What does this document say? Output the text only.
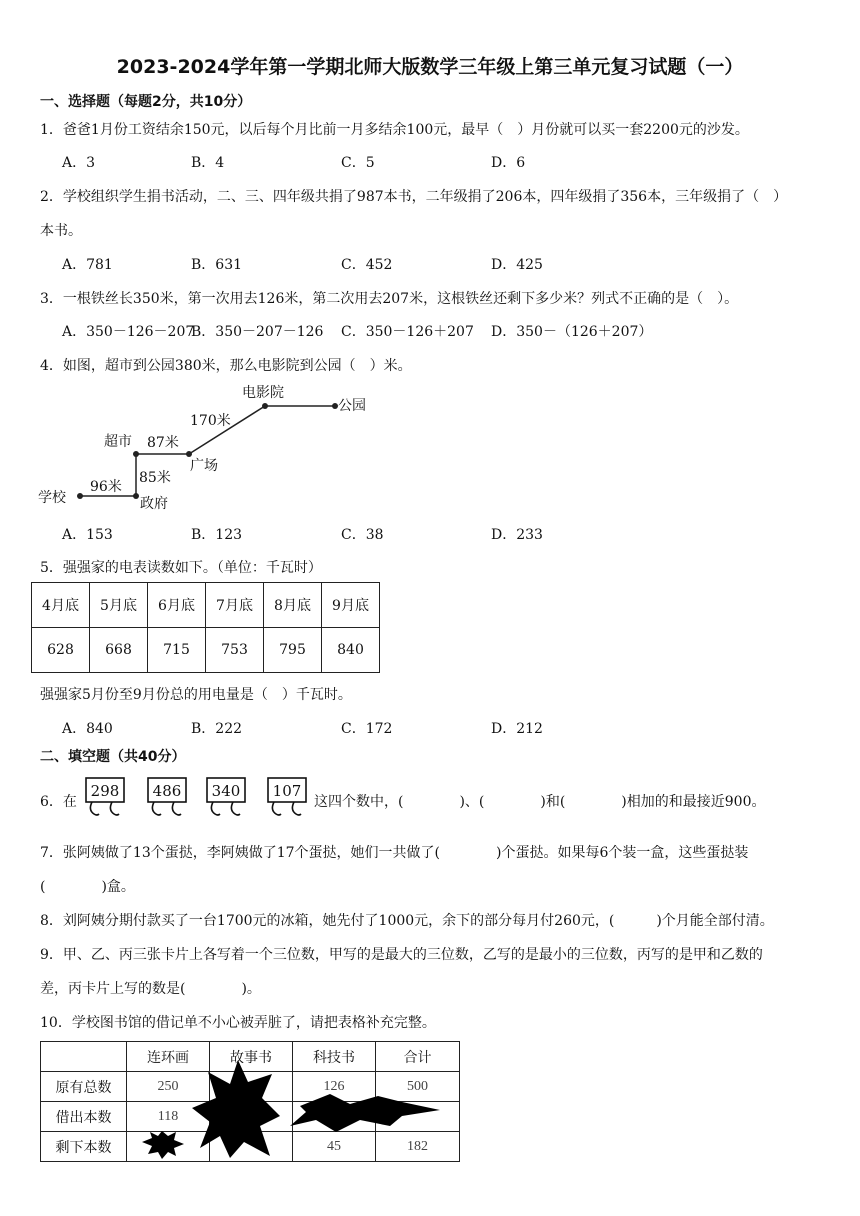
2023-2024学年第一学期北师大版数学三年级上第三单元复习试题（一）
一、选择题（每题2分，共10分）
1．爸爸1月份工资结余150元，以后每个月比前一月多结余100元，最早（　）月份就可以买一套2200元的沙发。
A．3	B．4	C．5	D．6
2．学校组织学生捐书活动，二、三、四年级共捐了987本书，二年级捐了206本，四年级捐了356本，三年级捐了（　）
本书。
A．781	B．631	C．452	D．425
3．一根铁丝长350米，第一次用去126米，第二次用去207米，这根铁丝还剩下多少米？列式不正确的是（　）。
A．350－126－207
B．350－207－126 C．350－126＋207 D．350－（126＋207）
4．如图，超市到公园380米，那么电影院到公园（　）米。
学校	政府
超市
广场
电影院
公园
96米
85米
87米
170米
A．153	B．123	C．38	D．233
5．强强家的电表读数如下。（单位：千瓦时）
4月底	5月底	6月底	7月底	8月底	9月底
628	668	715	753	795	840
强强家5月份至9月份总的用电量是（　）千瓦时。
A．840	B．222	C．172	D．212
二、填空题（共40分）
6．在
298 486 340 107
这四个数中，(　　　　)、(　　　　)和(　　　　)相加的和最接近900。
7．张阿姨做了13个蛋挞，李阿姨做了17个蛋挞，她们一共做了(　　　　)个蛋挞。如果每6个装一盒，这些蛋挞装
(　　　　)盒。
8．刘阿姨分期付款买了一台1700元的冰箱，她先付了1000元，余下的部分每月付260元，(　　　)个月能全部付清。
9．甲、乙、丙三张卡片上各写着一个三位数，甲写的是最大的三位数，乙写的是最小的三位数，丙写的是甲和乙数的
差，丙卡片上写的数是(　　　　)。
10．学校图书馆的借记单不小心被弄脏了，请把表格补充完整。
	连环画	故事书	科技书	合计
原有总数	250		126	500
借出本数	118			
剩下本数			45	182
